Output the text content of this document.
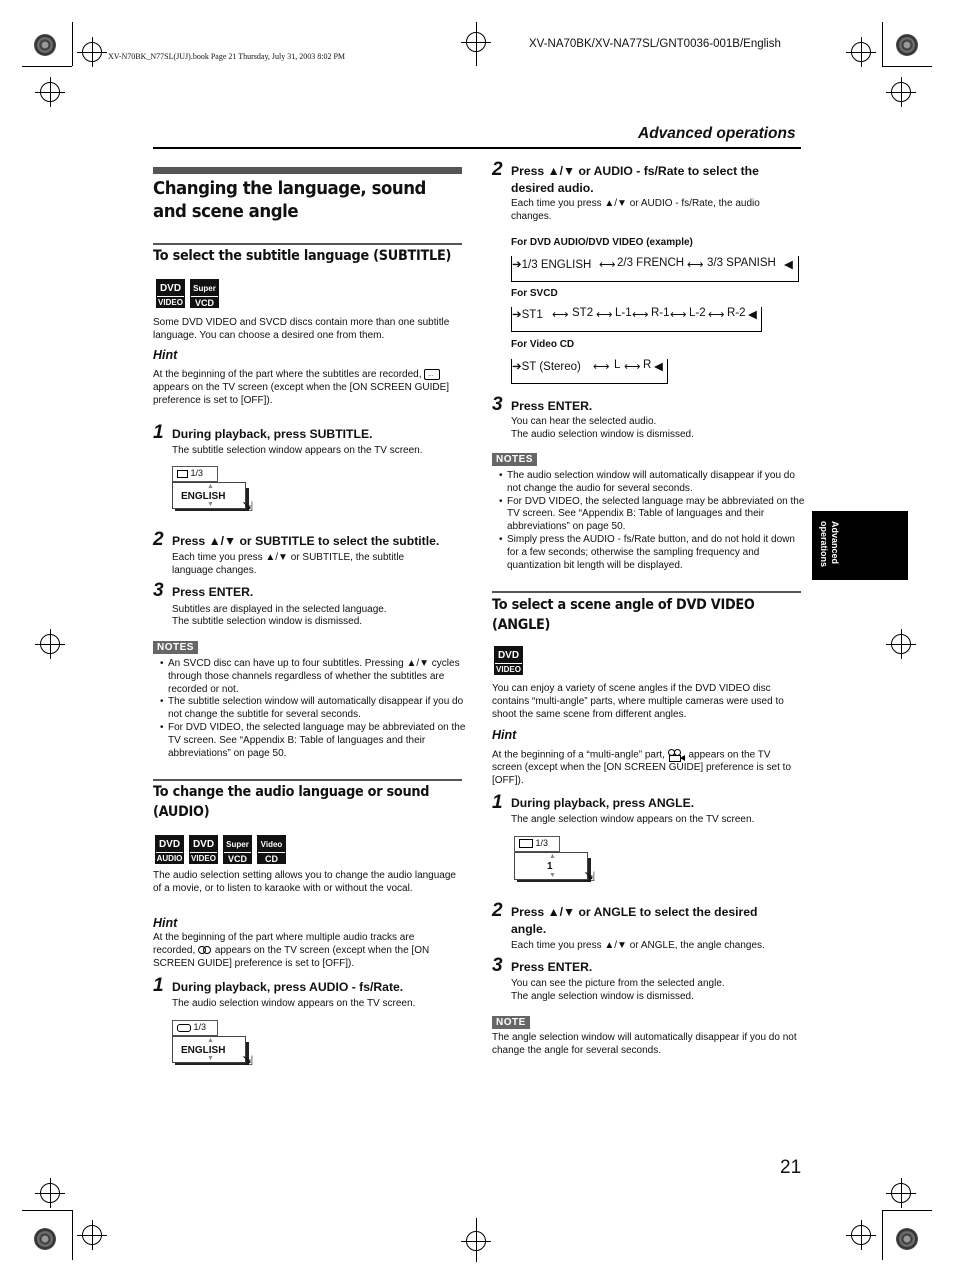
XV-N70BK_N77SL(JUJ).book Page 21 Thursday, July 31, 2003 8:02 PM
XV-NA70BK/XV-NA77SL/GNT0036-001B/English
Advanced operations
Advanced operations
Changing the language, sound and scene angle
To select the subtitle language (SUBTITLE)
DVD
VIDEO
Super
VCD
Some DVD VIDEO and SVCD discs contain more than one subtitle language. You can choose a desired one from them.
Hint
At the beginning of the part where the subtitles are recorded, ...
appears on the TV screen (except when the [ON SCREEN GUIDE] preference is set to [OFF]).
1 During playback, press SUBTITLE.
The subtitle selection window appears on the TV screen.
1/3
▲
ENGLISH
▼ ⇲
2 Press ▲/▼ or SUBTITLE to select the subtitle.
Each time you press ▲/▼ or SUBTITLE, the subtitle language changes.
3 Press ENTER.
Subtitles are displayed in the selected language.
The subtitle selection window is dismissed.
NOTES
• An SVCD disc can have up to four subtitles. Pressing ▲/▼ cycles through those channels regardless of whether the subtitles are recorded or not.
• The subtitle selection window will automatically disappear if you do not change the subtitle for several seconds.
• For DVD VIDEO, the selected language may be abbreviated on the TV screen. See “Appendix B: Table of languages and their abbreviations” on page 50.
To change the audio language or sound (AUDIO)
DVD
AUDIO
DVD
VIDEO
Super
VCD
Video
CD
The audio selection setting allows you to change the audio language of a movie, or to listen to karaoke with or without the vocal.
Hint
At the beginning of the part where multiple audio tracks are recorded, appears on the TV screen (except when the [ON SCREEN GUIDE] preference is set to [OFF]).
1 During playback, press AUDIO - fs/Rate.
The audio selection window appears on the TV screen.
1/3
▲
ENGLISH
▼ ⇲
2 Press ▲/▼ or AUDIO - fs/Rate to select the desired audio.
Each time you press ▲/▼ or AUDIO - fs/Rate, the audio changes.
For DVD AUDIO/DVD VIDEO (example)
➔1/3 ENGLISH ⟷ 2/3 FRENCH ⟷ 3/3 SPANISH ◀
For SVCD
➔ST1 ⟷ ST2 ⟷ L-1 ⟷ R-1 ⟷ L-2 ⟷ R-2 ◀
For Video CD
➔ST (Stereo) ⟷ L ⟷ R ◀
3 Press ENTER.
You can hear the selected audio.
The audio selection window is dismissed.
NOTES
• The audio selection window will automatically disappear if you do not change the audio for several seconds.
• For DVD VIDEO, the selected language may be abbreviated on the TV screen. See “Appendix B: Table of languages and their abbreviations” on page 50.
• Simply press the AUDIO - fs/Rate button, and do not hold it down for a few seconds; otherwise the sampling frequency and quantization bit length will be displayed.
To select a scene angle of DVD VIDEO (ANGLE)
DVD
VIDEO
You can enjoy a variety of scene angles if the DVD VIDEO disc contains “multi-angle” parts, where multiple cameras were used to shoot the same scene from different angles.
Hint
At the beginning of a “multi-angle” part, appears on the TV screen (except when the [ON SCREEN GUIDE] preference is set to [OFF]).
1 During playback, press ANGLE.
The angle selection window appears on the TV screen.
1/3
▲
1
▼ ⇲
2 Press ▲/▼ or ANGLE to select the desired angle.
Each time you press ▲/▼ or ANGLE, the angle changes.
3 Press ENTER.
You can see the picture from the selected angle.
The angle selection window is dismissed.
NOTE
The angle selection window will automatically disappear if you do not change the angle for several seconds.
21
